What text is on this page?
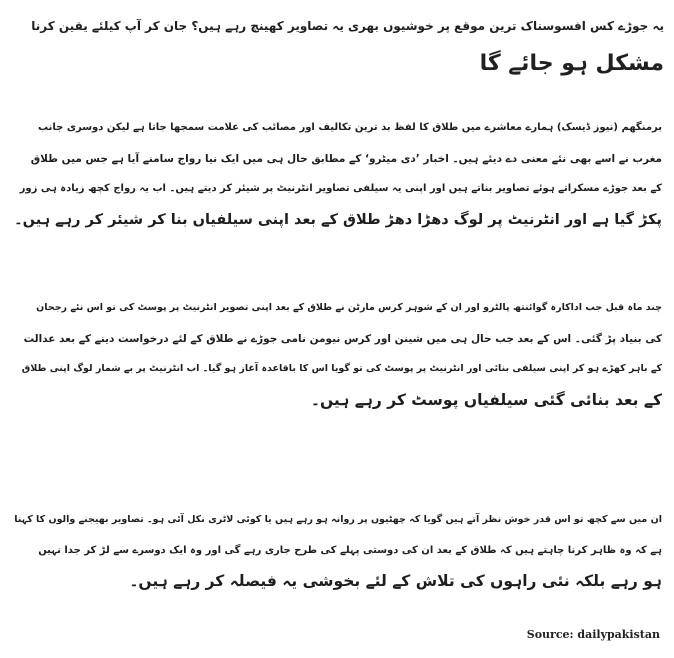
یہ جوڑے کس افسوسناک ترین موقع پر خوشیوں بھری یہ تصاویر کھینچ رہے ہیں؟ جان کر آپ کیلئے یقین کرنا
مشکل ہو جائے گا

برمنگھم (نیوز ڈیسک) ہمارے معاشرے میں طلاق کا لفظ بد ترین تکالیف اور مصائب کی علامت سمجھا جاتا ہے لیکن دوسری جانب
مغرب نے اسے بھی نئے معنی دے دیئے ہیں۔ اخبار ’دی میٹرو‘ کے مطابق حال ہی میں ایک نیا رواج سامنے آیا ہے جس میں طلاق
کے بعد جوڑے مسکراتے ہوئے تصاویر بناتے ہیں اور اپنی یہ سیلفی تصاویر انٹرنیٹ پر شیئر کر دیتے ہیں۔ اب یہ رواج کچھ زیادہ ہی زور
پکڑ گیا ہے اور انٹرنیٹ پر لوگ دھڑا دھڑ طلاق کے بعد اپنی سیلفیاں بنا کر شیئر کر رہے ہیں۔

چند ماہ قبل جب اداکارہ گوائنتھ پالٹرو اور ان کے شوہر کرس مارٹن نے طلاق کے بعد اپنی تصویر انٹرنیٹ پر پوسٹ کی تو اس نئے رجحان
کی بنیاد پڑ گئی۔ اس کے بعد جب حال ہی میں شینن اور کرس نیومن نامی جوڑے نے طلاق کے لئے درخواست دینے کے بعد عدالت
کے باہر کھڑے ہو کر اپنی سیلفی بنائی اور انٹرنیٹ پر پوسٹ کی تو گویا اس کا باقاعدہ آغاز ہو گیا۔ اب انٹرنیٹ پر بے شمار لوگ اپنی طلاق
کے بعد بنائی گئی سیلفیاں پوسٹ کر رہے ہیں۔

ان میں سے کچھ تو اس قدر خوش نظر آتے ہیں گویا کہ چھٹیوں پر روانہ ہو رہے ہیں یا کوئی لاٹری نکل آئی ہو۔ تصاویر بھیجنے والوں کا کہنا
ہے کہ وہ ظاہر کرنا چاہتے ہیں کہ طلاق کے بعد ان کی دوستی پہلے کی طرح جاری رہے گی اور وہ ایک دوسرے سے لڑ کر جدا نہیں
ہو رہے بلکہ نئی راہوں کی تلاش کے لئے بخوشی یہ فیصلہ کر رہے ہیں۔

Source: dailypakistan
